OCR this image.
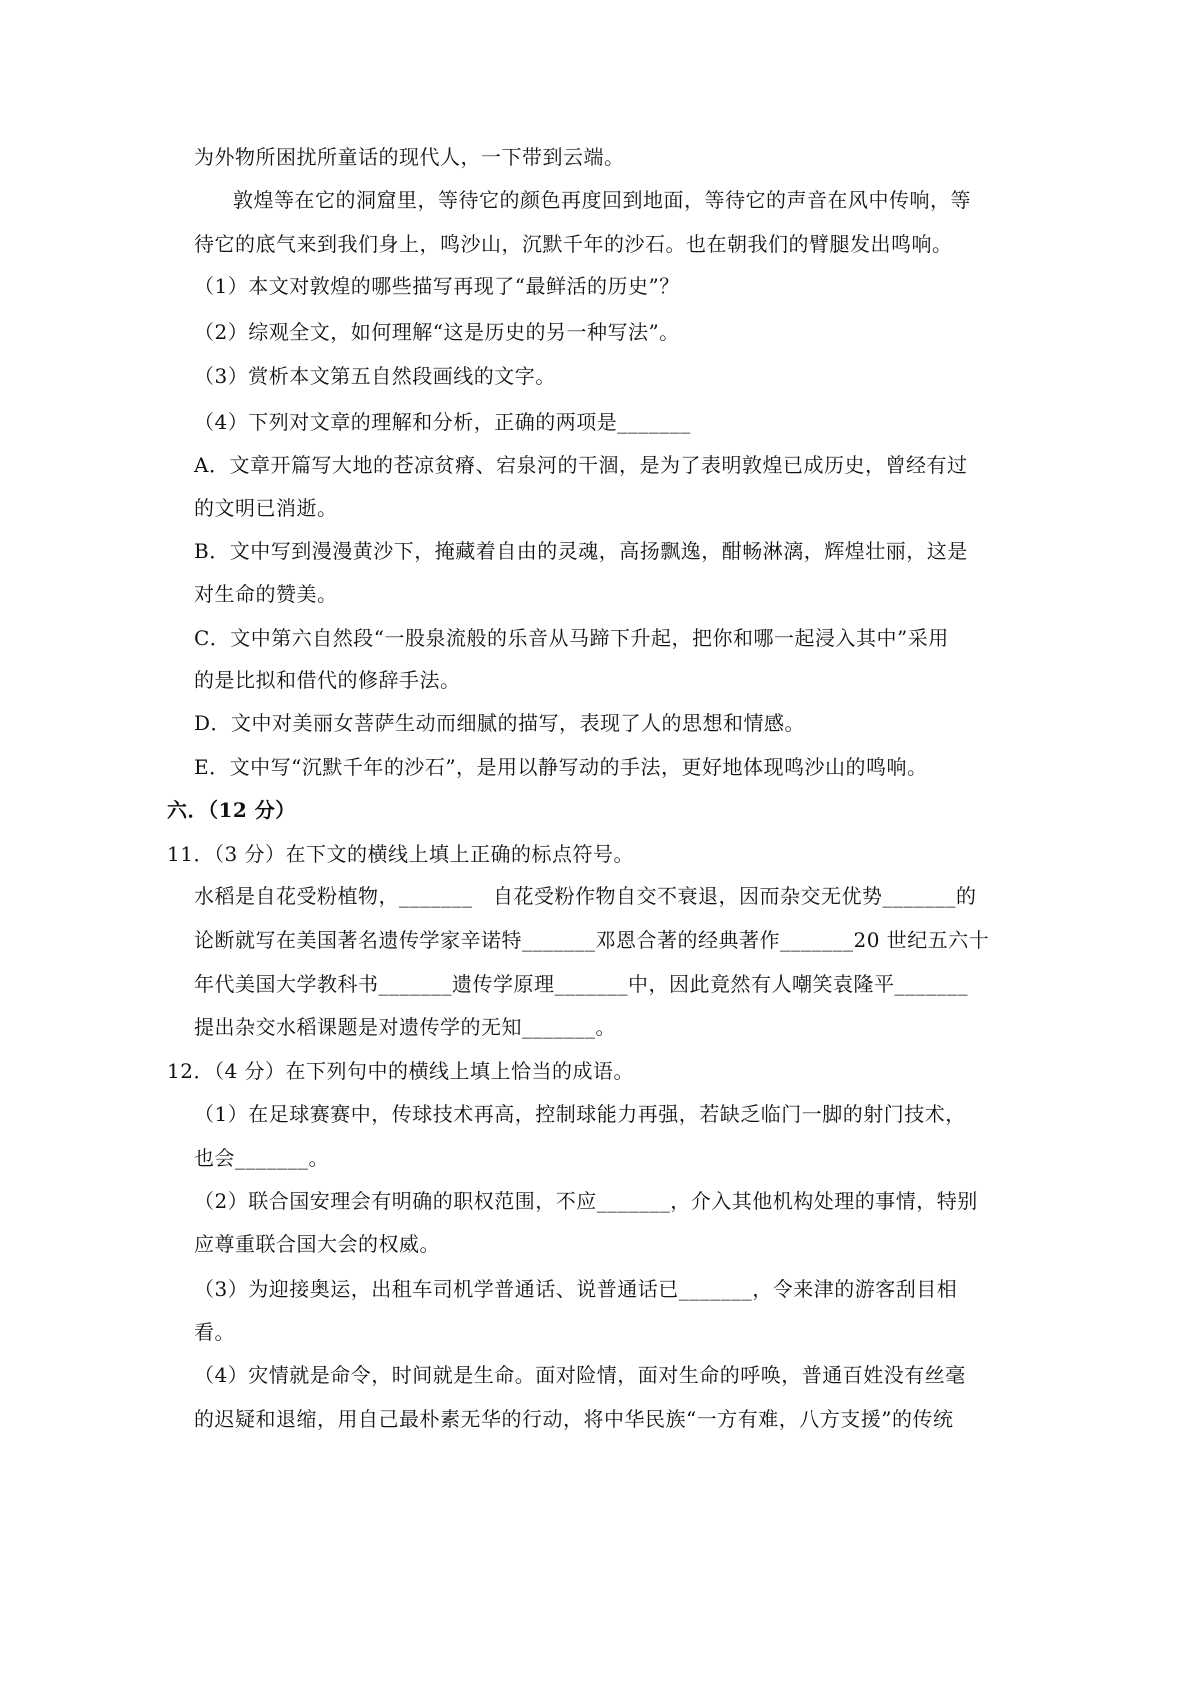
为外物所困扰所童话的现代人，一下带到云端。
敦煌等在它的洞窟里，等待它的颜色再度回到地面，等待它的声音在风中传响，等
待它的底气来到我们身上，鸣沙山，沉默千年的沙石。也在朝我们的臂腿发出鸣响。
（1）本文对敦煌的哪些描写再现了“最鲜活的历史”？
（2）综观全文，如何理解“这是历史的另一种写法”。
（3）赏析本文第五自然段画线的文字。
（4）下列对文章的理解和分析，正确的两项是_______
A．文章开篇写大地的苍凉贫瘠、宕泉河的干涸，是为了表明敦煌已成历史，曾经有过
的文明已消逝。
B．文中写到漫漫黄沙下，掩藏着自由的灵魂，高扬飘逸，酣畅淋漓，辉煌壮丽，这是
对生命的赞美。
C．文中第六自然段“一股泉流般的乐音从马蹄下升起，把你和哪一起浸入其中”采用
的是比拟和借代的修辞手法。
D．文中对美丽女菩萨生动而细腻的描写，表现了人的思想和情感。
E．文中写“沉默千年的沙石”，是用以静写动的手法，更好地体现鸣沙山的鸣响。
六．（12 分）
11．（3 分）在下文的横线上填上正确的标点符号。
水稻是自花受粉植物，_______　自花受粉作物自交不衰退，因而杂交无优势_______的
论断就写在美国著名遗传学家辛诺特_______邓恩合著的经典著作_______20 世纪五六十
年代美国大学教科书_______遗传学原理_______中，因此竟然有人嘲笑袁隆平_______
提出杂交水稻课题是对遗传学的无知_______。
12．（4 分）在下列句中的横线上填上恰当的成语。
（1）在足球赛赛中，传球技术再高，控制球能力再强，若缺乏临门一脚的射门技术，
也会_______。
（2）联合国安理会有明确的职权范围，不应_______，介入其他机构处理的事情，特别
应尊重联合国大会的权威。
（3）为迎接奥运，出租车司机学普通话、说普通话已_______，令来津的游客刮目相
看。
（4）灾情就是命令，时间就是生命。面对险情，面对生命的呼唤，普通百姓没有丝毫
的迟疑和退缩，用自己最朴素无华的行动，将中华民族“一方有难，八方支援”的传统
